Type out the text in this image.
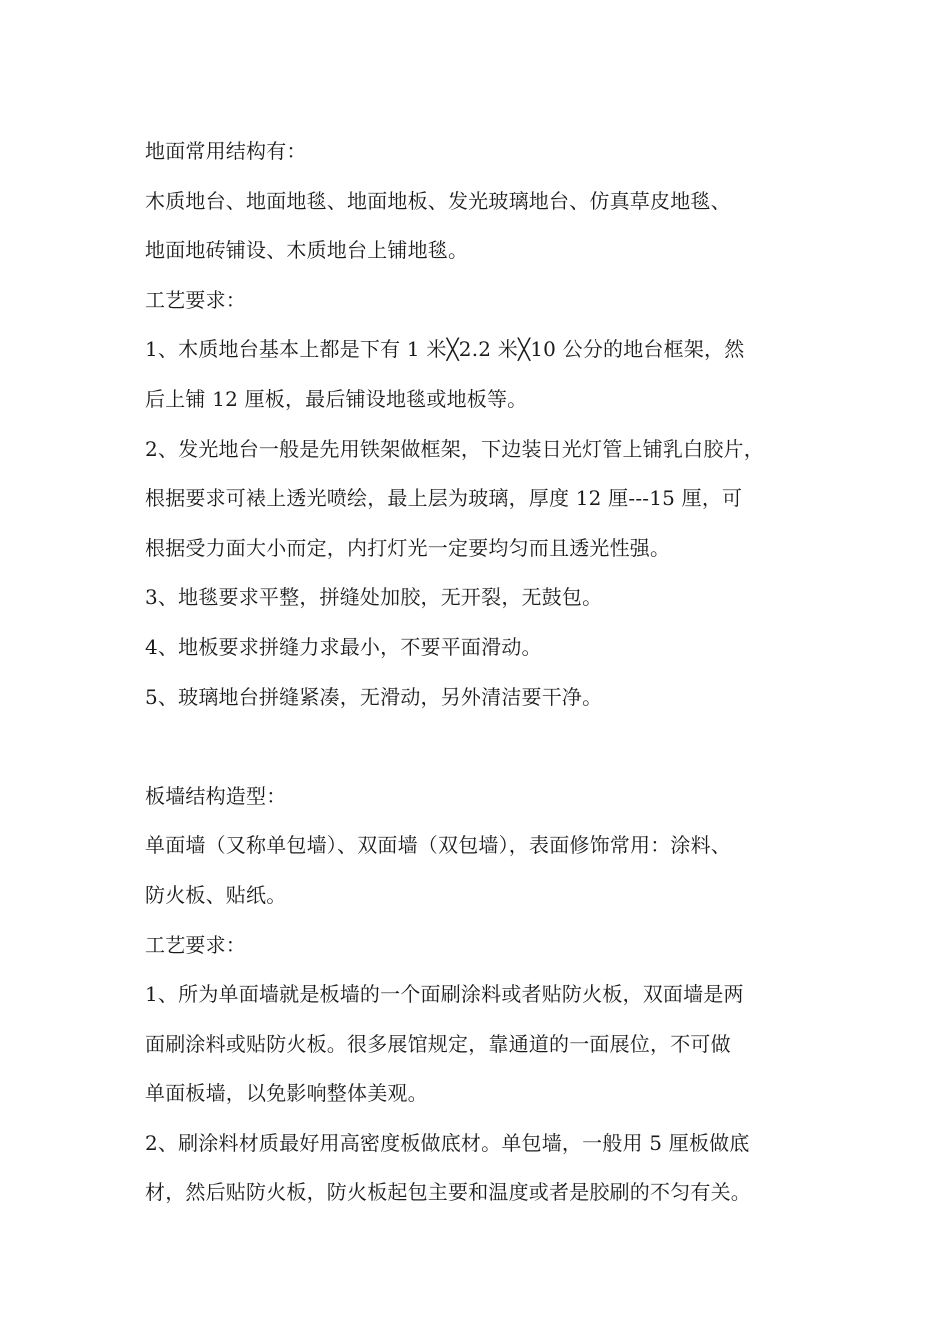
地面常用结构有：
木质地台、地面地毯、地面地板、发光玻璃地台、仿真草皮地毯、
地面地砖铺设、木质地台上铺地毯。
工艺要求：
1、木质地台基本上都是下有 1 米╳2.2 米╳10 公分的地台框架，然
后上铺 12 厘板，最后铺设地毯或地板等。
2、发光地台一般是先用铁架做框架，下边装日光灯管上铺乳白胶片，
根据要求可裱上透光喷绘，最上层为玻璃，厚度 12 厘---15 厘，可
根据受力面大小而定，内打灯光一定要均匀而且透光性强。
3、地毯要求平整，拼缝处加胶，无开裂，无鼓包。
4、地板要求拼缝力求最小，不要平面滑动。
5、玻璃地台拼缝紧凑，无滑动，另外清洁要干净。
板墙结构造型：
单面墙（又称单包墙）、双面墙（双包墙），表面修饰常用：涂料、
防火板、贴纸。
工艺要求：
1、所为单面墙就是板墙的一个面刷涂料或者贴防火板，双面墙是两
面刷涂料或贴防火板。很多展馆规定，靠通道的一面展位，不可做
单面板墙，以免影响整体美观。
2、刷涂料材质最好用高密度板做底材。单包墙，一般用 5 厘板做底
材，然后贴防火板，防火板起包主要和温度或者是胶刷的不匀有关。
